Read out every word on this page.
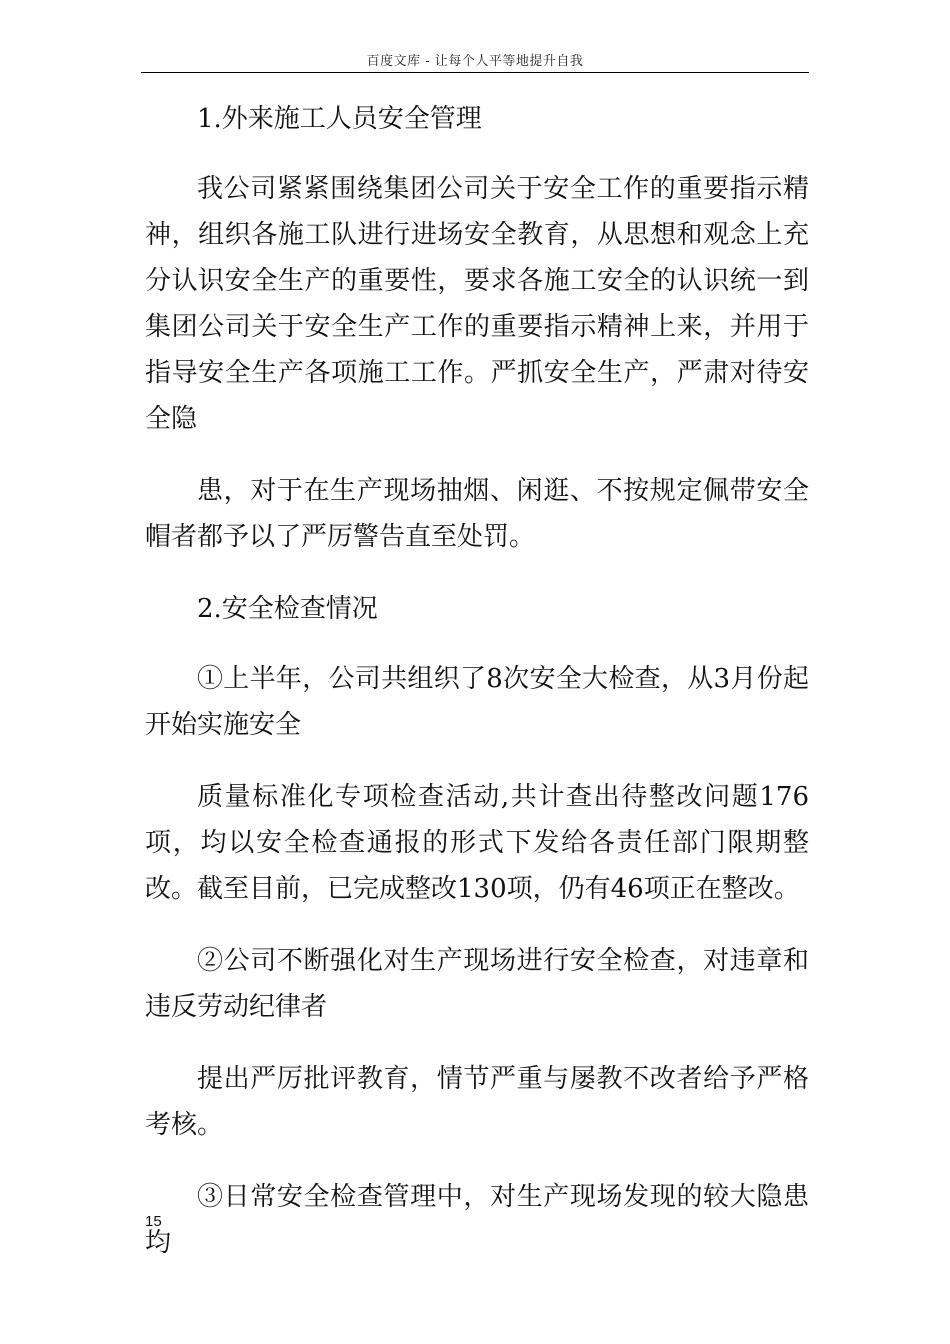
百度文库 - 让每个人平等地提升自我

1.外来施工人员安全管理

我公司紧紧围绕集团公司关于安全工作的重要指示精神，组织各施工队进行进场安全教育，从思想和观念上充分认识安全生产的重要性，要求各施工安全的认识统一到集团公司关于安全生产工作的重要指示精神上来，并用于指导安全生产各项施工工作。严抓安全生产，严肃对待安全隐

患，对于在生产现场抽烟、闲逛、不按规定佩带安全帽者都予以了严厉警告直至处罚。

2.安全检查情况

①上半年，公司共组织了8次安全大检查，从3月份起开始实施安全

质量标准化专项检查活动,共计查出待整改问题176项，均以安全检查通报的形式下发给各责任部门限期整改。截至目前，已完成整改130项，仍有46项正在整改。

②公司不断强化对生产现场进行安全检查，对违章和违反劳动纪律者

提出严厉批评教育，情节严重与屡教不改者给予严格考核。

③日常安全检查管理中，对生产现场发现的较大隐患均

15
